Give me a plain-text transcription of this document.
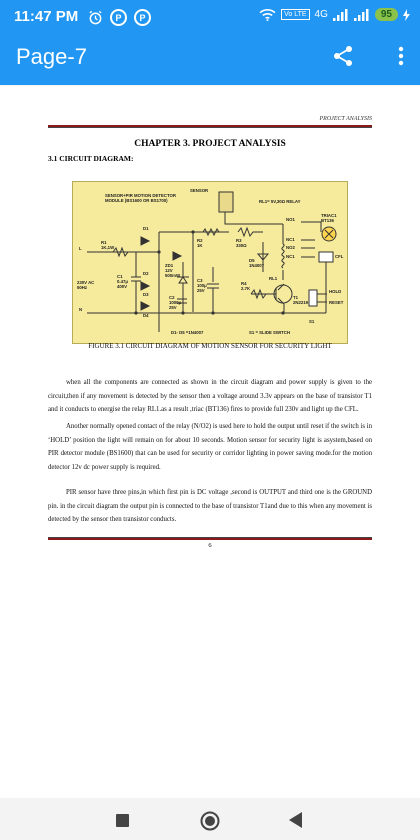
11:47 PM	P	P	Vo LTE 4G	95
Page-7
PROJECT ANALYSIS
CHAPTER 3. PROJECT ANALYSIS
3.1 CIRCUIT DIAGRAM:
SENSOR+PIR MOTION DETECTOR
MODULE (BS1600 OR BS1700)
SENSOR
RL1= 5V,30Ω RELAY
R1
1K,1W
R2
1K
R3
330Ω
D1
D2
D3
D4
ZD1
12V
500mW
C1
0.47μ
400V
C2
1000μ
25V
C3
100μ
25V
D5
1N4007
R4
2.7K
RL1
T1
2N2219
TRIAC1
BT136
CFL
NO1
NC1
NO2
NC1
230V AC
50Hz
L
N
HOLD
RESET
S1
D1- D5 =1N4007	S1 = SLIDE SWITCH
FIGURE 3.1 CIRCUIT DIAGRAM OF MOTION SENSOR FOR SECURITY LIGHT

when all the components are connected as shown in the circuit diagram and power supply is given to the circuit,then if any movement is detected by the sensor then a voltage around 3.3v appears on the base of transistor T1 and it conducts to energise the relay RL1.as a result ,triac (BT136) fires to provide full 230v and light up the CFL.

Another normally opened contact of the relay (N/O2) is used here to hold the output until reset if the switch is in ‘HOLD’ position the light will remain on for about 10 seconds. Motion sensor for security light is asystem,based on PIR detector module (BS1600) that can be used for security or corridor lighting in power saving mode.for the motion detector 12v dc power supply is required.

PIR sensor have three pins,in which first pin is DC voltage ,second is OUTPUT and third one is the GROUND pin. in the circuit diagram the output pin is connected to the base of transistor T1and due to this when any movement is detected by the sensor then transistor conducts.

6
